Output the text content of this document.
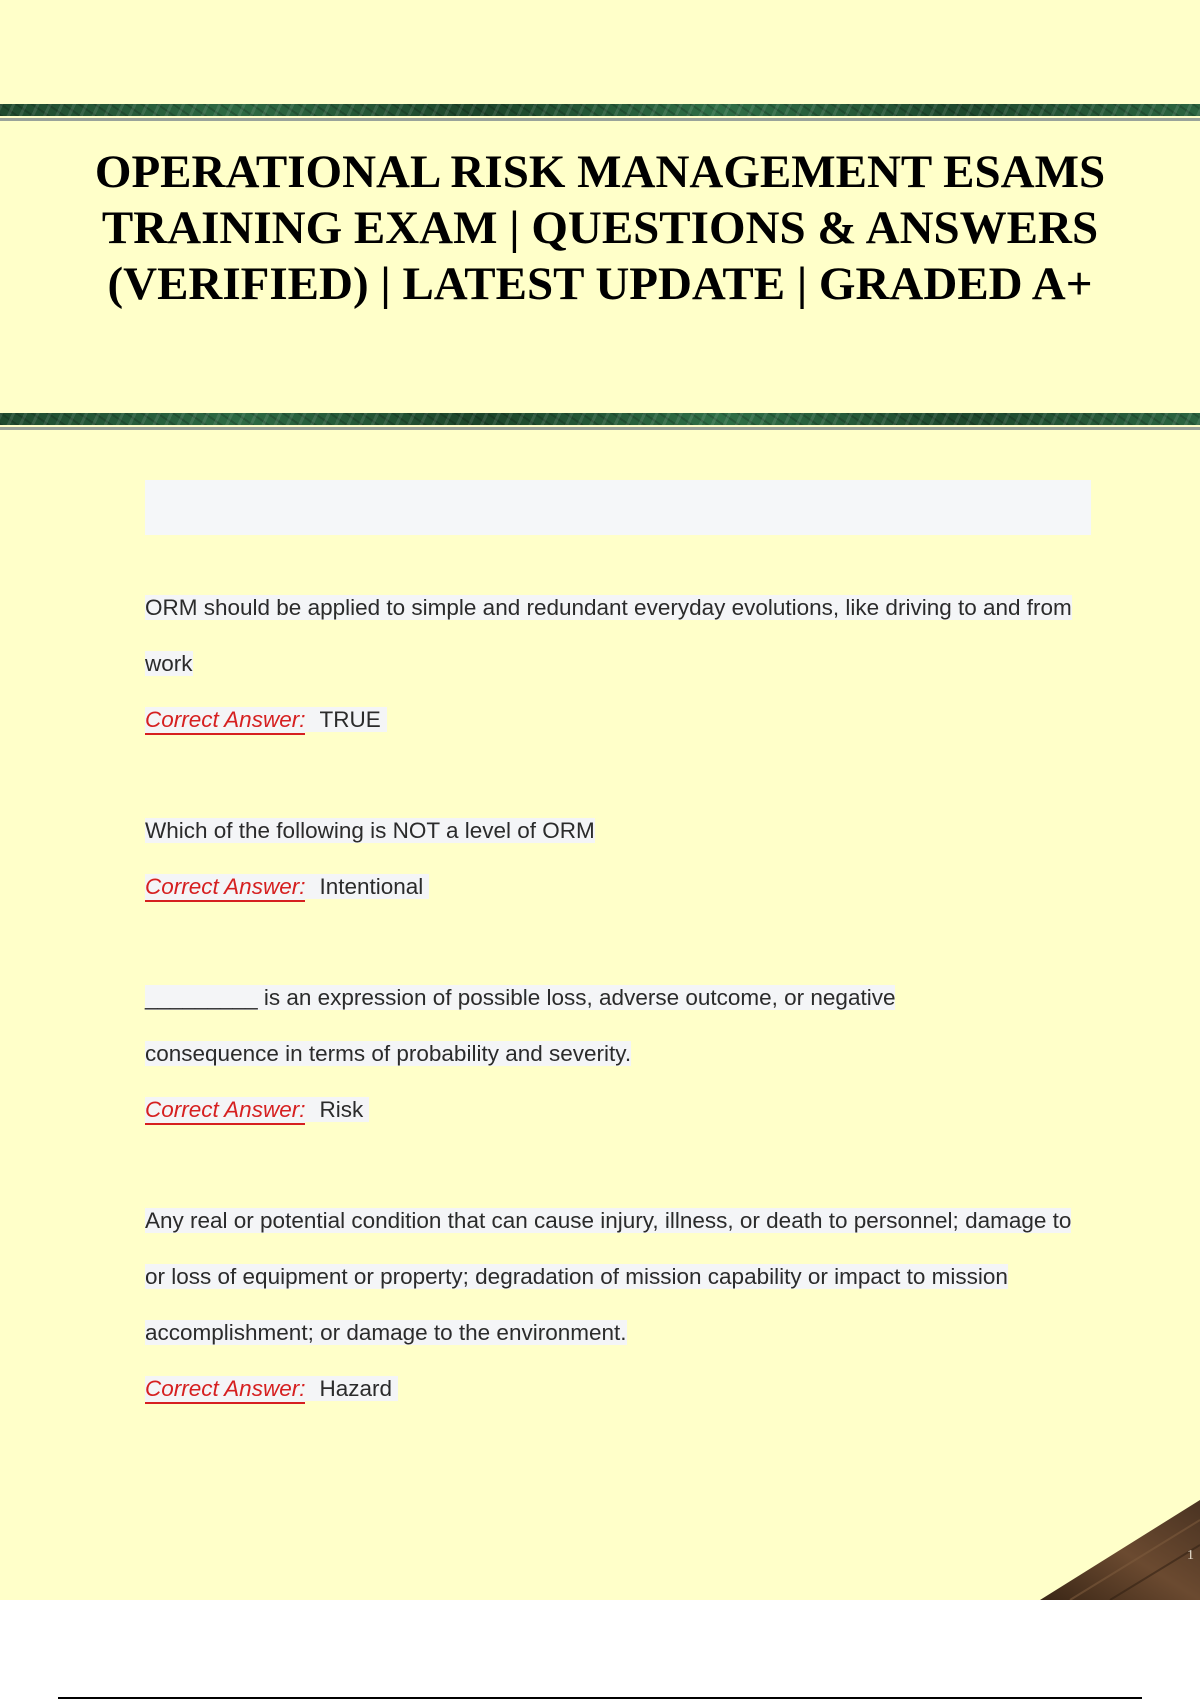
OPERATIONAL RISK MANAGEMENT ESAMS TRAINING EXAM | QUESTIONS & ANSWERS (VERIFIED) | LATEST UPDATE | GRADED A+
ORM should be applied to simple and redundant everyday evolutions, like driving to and from work
Correct Answer: TRUE
Which of the following is NOT a level of ORM
Correct Answer: Intentional
_________ is an expression of possible loss, adverse outcome, or negative consequence in terms of probability and severity.
Correct Answer: Risk
Any real or potential condition that can cause injury, illness, or death to personnel; damage to or loss of equipment or property; degradation of mission capability or impact to mission accomplishment; or damage to the environment.
Correct Answer: Hazard
1
